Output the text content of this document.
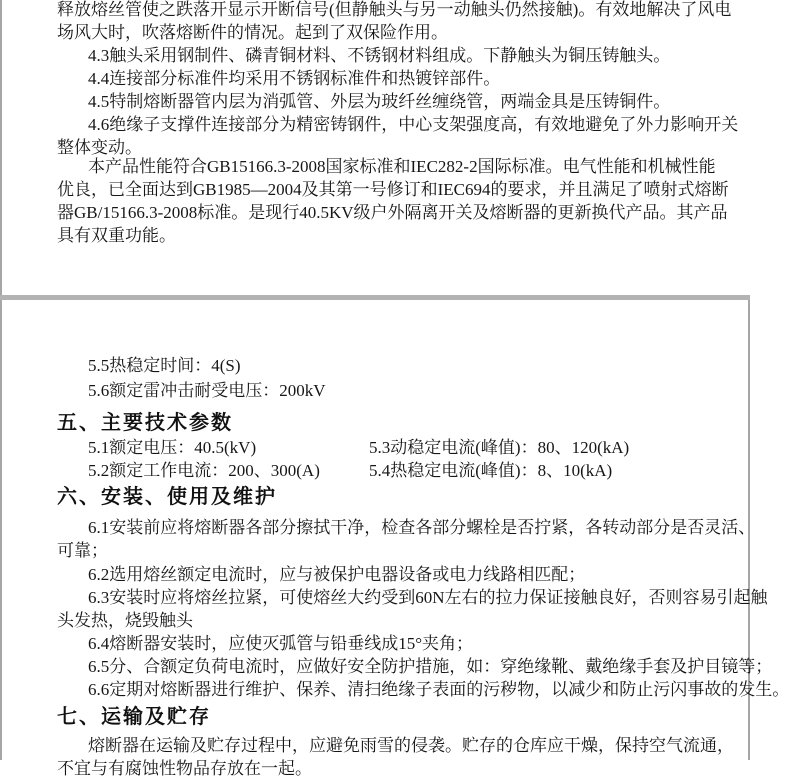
释放熔丝管使之跌落开显示开断信号(但静触头与另一动触头仍然接触)。有效地解决了风电
场风大时，吹落熔断件的情况。起到了双保险作用。
4.3触头采用钢制件、磷青铜材料、不锈钢材料组成。下静触头为铜压铸触头。
4.4连接部分标准件均采用不锈钢标准件和热镀锌部件。
4.5特制熔断器管内层为消弧管、外层为玻纤丝缠绕管，两端金具是压铸铜件。
4.6绝缘子支撑件连接部分为精密铸钢件，中心支架强度高，有效地避免了外力影响开关
整体变动。
本产品性能符合GB15166.3-2008国家标准和IEC282-2国际标准。电气性能和机械性能
优良，已全面达到GB1985—2004及其第一号修订和IEC694的要求，并且满足了喷射式熔断
器GB/15166.3-2008标准。是现行40.5KV级户外隔离开关及熔断器的更新换代产品。其产品
具有双重功能。
5.5热稳定时间：4(S)
5.6额定雷冲击耐受电压：200kV
五、主要技术参数
5.1额定电压：40.5(kV)	5.3动稳定电流(峰值)：80、120(kA)
5.2额定工作电流：200、300(A)	5.4热稳定电流(峰值)：8、10(kA)
六、安装、使用及维护
6.1安装前应将熔断器各部分擦拭干净，检查各部分螺栓是否拧紧，各转动部分是否灵活、
可靠；
6.2选用熔丝额定电流时，应与被保护电器设备或电力线路相匹配；
6.3安装时应将熔丝拉紧，可使熔丝大约受到60N左右的拉力保证接触良好，否则容易引起触
头发热，烧毁触头
6.4熔断器安装时，应使灭弧管与铅垂线成15°夹角；
6.5分、合额定负荷电流时，应做好安全防护措施，如：穿绝缘靴、戴绝缘手套及护目镜等；
6.6定期对熔断器进行维护、保养、清扫绝缘子表面的污秽物，以减少和防止污闪事故的发生。
七、运输及贮存
熔断器在运输及贮存过程中，应避免雨雪的侵袭。贮存的仓库应干燥，保持空气流通，
不宜与有腐蚀性物品存放在一起。
